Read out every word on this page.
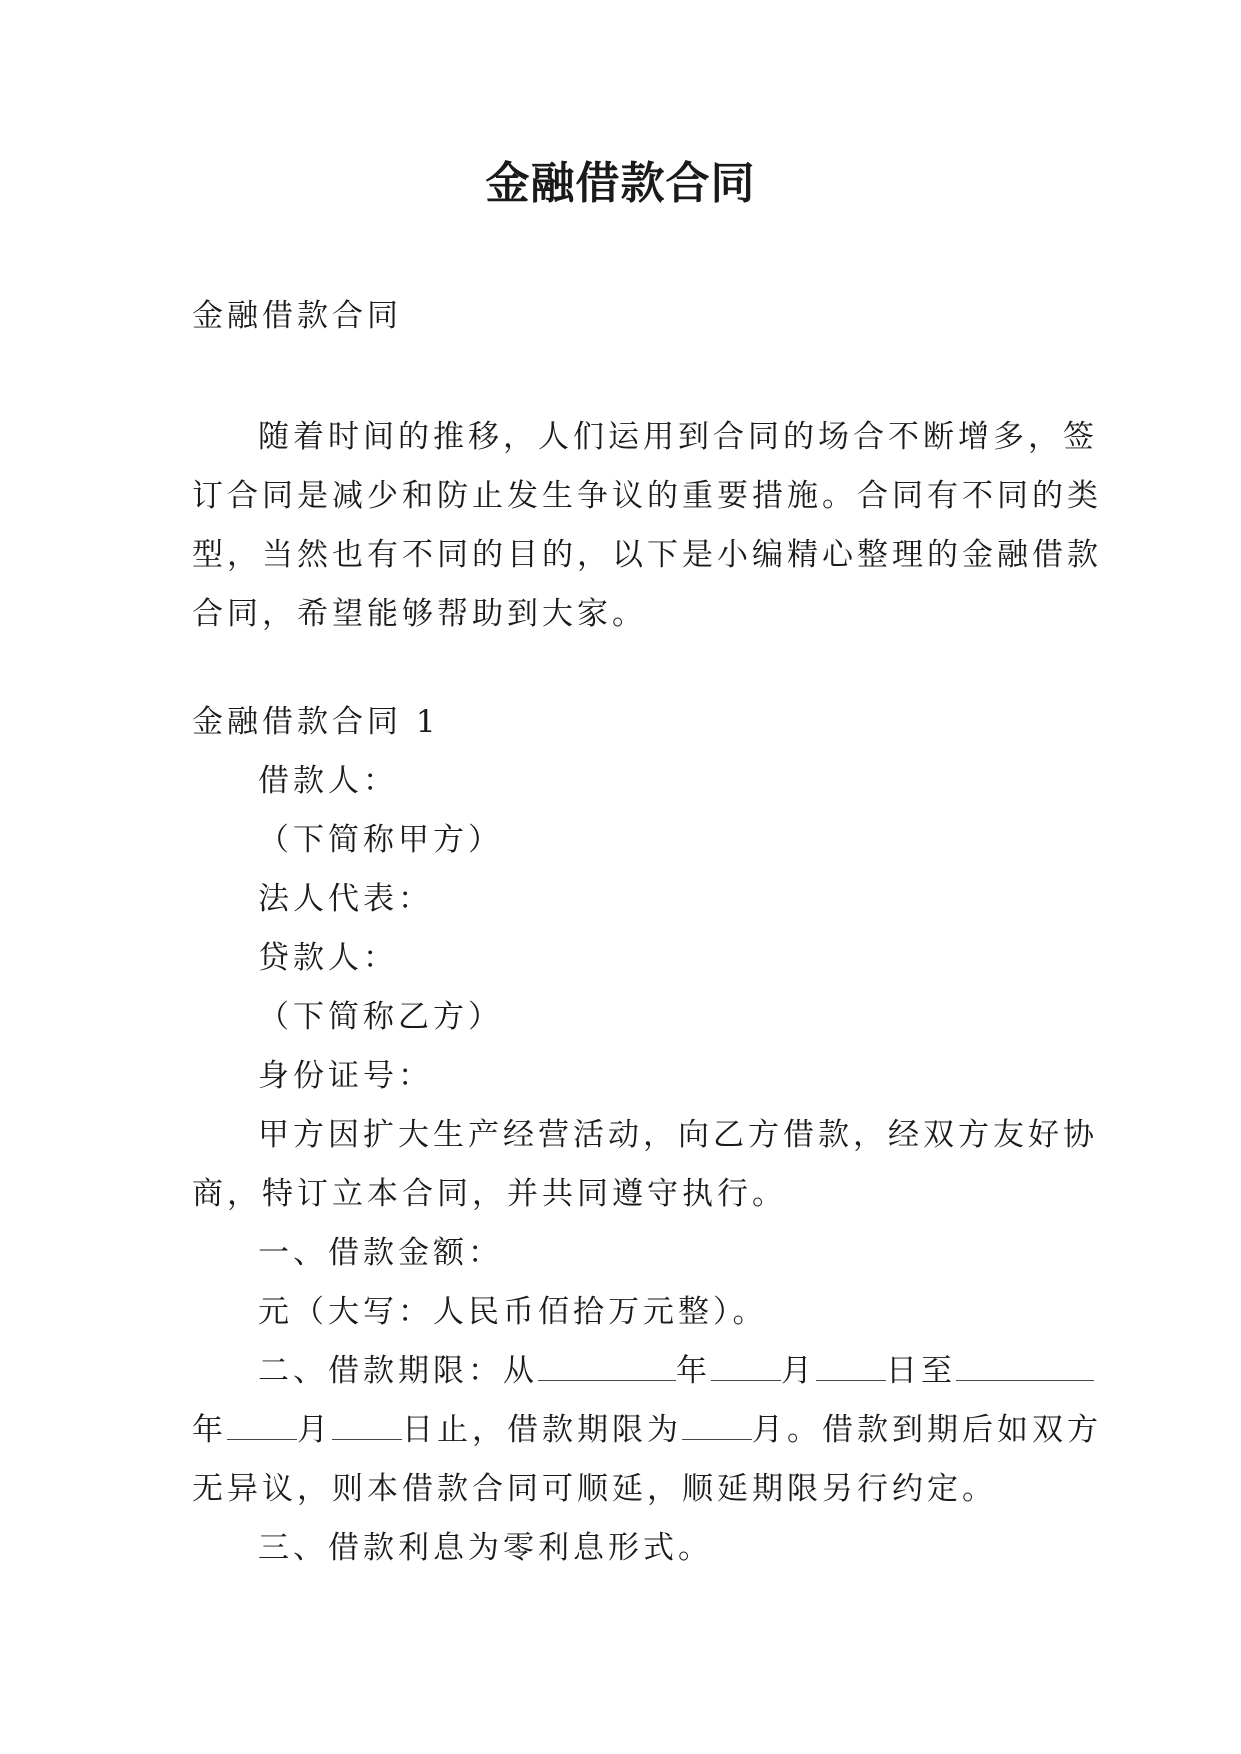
金融借款合同
金融借款合同
随着时间的推移，人们运用到合同的场合不断增多，签
订合同是减少和防止发生争议的重要措施。合同有不同的类
型，当然也有不同的目的，以下是小编精心整理的金融借款
合同，希望能够帮助到大家。
金融借款合同 1
借款人：
（下简称甲方）
法人代表：
贷款人：
（下简称乙方）
身份证号：
甲方因扩大生产经营活动，向乙方借款，经双方友好协
商，特订立本合同，并共同遵守执行。
一、借款金额：
元（大写：人民币佰拾万元整）。
二、借款期限：从	年 月 日至
年 月 日止，借款期限为 月。借款到期后如双方
无异议，则本借款合同可顺延，顺延期限另行约定。
三、借款利息为零利息形式。
